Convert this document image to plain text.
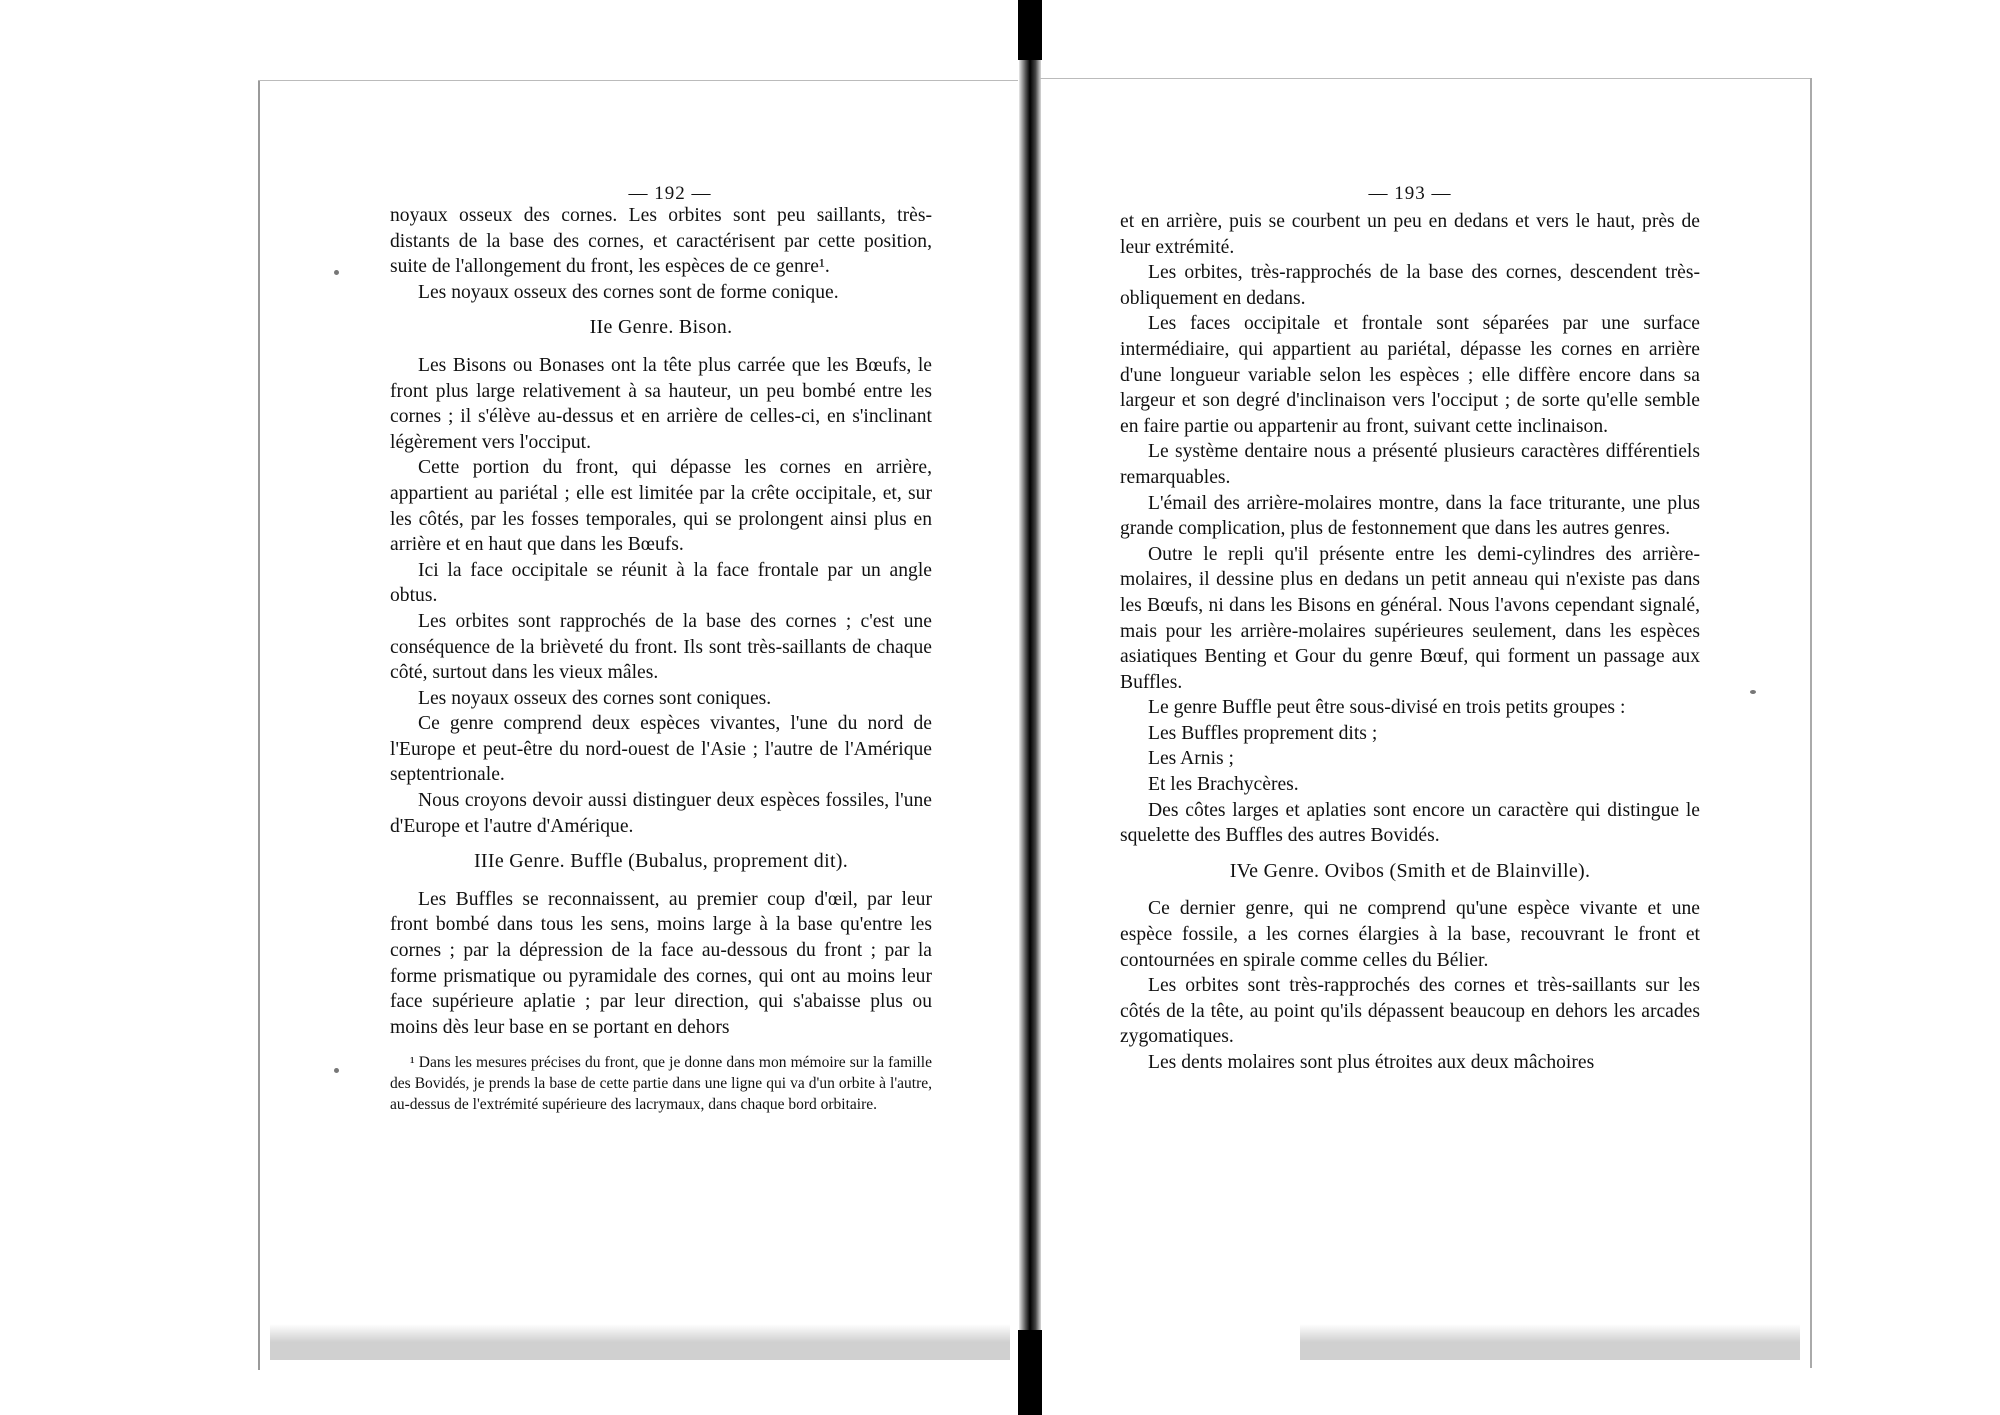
— 192 —

noyaux osseux des cornes. Les orbites sont peu saillants, très-distants de la base des cornes, et caractérisent par cette position, suite de l'allongement du front, les espèces de ce genre¹.

Les noyaux osseux des cornes sont de forme conique.

IIe Genre. Bison.

Les Bisons ou Bonases ont la tête plus carrée que les Bœufs, le front plus large relativement à sa hauteur, un peu bombé entre les cornes ; il s'élève au-dessus et en arrière de celles-ci, en s'inclinant légèrement vers l'occiput.

Cette portion du front, qui dépasse les cornes en arrière, appartient au pariétal ; elle est limitée par la crête occipitale, et, sur les côtés, par les fosses temporales, qui se prolongent ainsi plus en arrière et en haut que dans les Bœufs.

Ici la face occipitale se réunit à la face frontale par un angle obtus.

Les orbites sont rapprochés de la base des cornes ; c'est une conséquence de la brièveté du front. Ils sont très-saillants de chaque côté, surtout dans les vieux mâles.

Les noyaux osseux des cornes sont coniques.

Ce genre comprend deux espèces vivantes, l'une du nord de l'Europe et peut-être du nord-ouest de l'Asie ; l'autre de l'Amérique septentrionale.

Nous croyons devoir aussi distinguer deux espèces fossiles, l'une d'Europe et l'autre d'Amérique.

IIIe Genre. Buffle (Bubalus, proprement dit).

Les Buffles se reconnaissent, au premier coup d'œil, par leur front bombé dans tous les sens, moins large à la base qu'entre les cornes ; par la dépression de la face au-dessous du front ; par la forme prismatique ou pyramidale des cornes, qui ont au moins leur face supérieure aplatie ; par leur direction, qui s'abaisse plus ou moins dès leur base en se portant en dehors

¹ Dans les mesures précises du front, que je donne dans mon mémoire sur la famille des Bovidés, je prends la base de cette partie dans une ligne qui va d'un orbite à l'autre, au-dessus de l'extrémité supérieure des lacrymaux, dans chaque bord orbitaire.

— 193 —

et en arrière, puis se courbent un peu en dedans et vers le haut, près de leur extrémité.

Les orbites, très-rapprochés de la base des cornes, descendent très-obliquement en dedans.

Les faces occipitale et frontale sont séparées par une surface intermédiaire, qui appartient au pariétal, dépasse les cornes en arrière d'une longueur variable selon les espèces ; elle diffère encore dans sa largeur et son degré d'inclinaison vers l'occiput ; de sorte qu'elle semble en faire partie ou appartenir au front, suivant cette inclinaison.

Le système dentaire nous a présenté plusieurs caractères différentiels remarquables.

L'émail des arrière-molaires montre, dans la face triturante, une plus grande complication, plus de festonnement que dans les autres genres.

Outre le repli qu'il présente entre les demi-cylindres des arrière-molaires, il dessine plus en dedans un petit anneau qui n'existe pas dans les Bœufs, ni dans les Bisons en général. Nous l'avons cependant signalé, mais pour les arrière-molaires supérieures seulement, dans les espèces asiatiques Benting et Gour du genre Bœuf, qui forment un passage aux Buffles.

Le genre Buffle peut être sous-divisé en trois petits groupes :

Les Buffles proprement dits ;

Les Arnis ;

Et les Brachycères.

Des côtes larges et aplaties sont encore un caractère qui distingue le squelette des Buffles des autres Bovidés.

IVe Genre. Ovibos (Smith et de Blainville).

Ce dernier genre, qui ne comprend qu'une espèce vivante et une espèce fossile, a les cornes élargies à la base, recouvrant le front et contournées en spirale comme celles du Bélier.

Les orbites sont très-rapprochés des cornes et très-saillants sur les côtés de la tête, au point qu'ils dépassent beaucoup en dehors les arcades zygomatiques.

Les dents molaires sont plus étroites aux deux mâchoires
